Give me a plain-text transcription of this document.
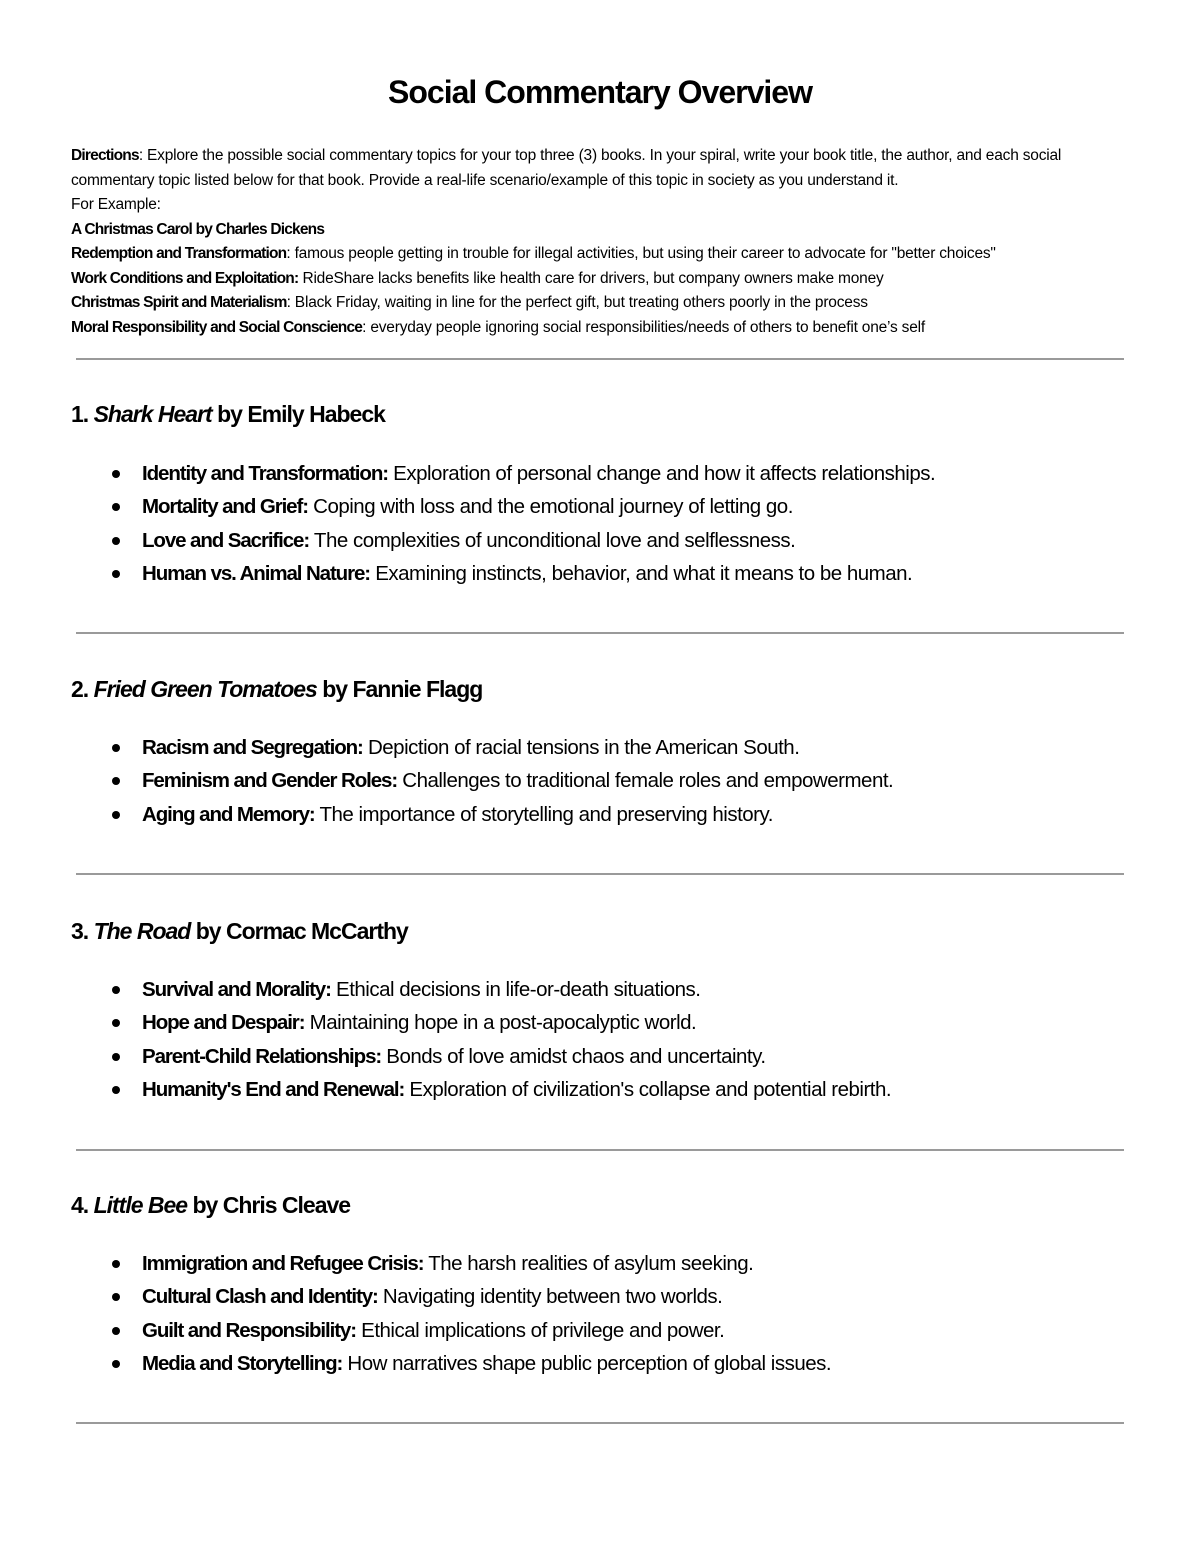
Social Commentary Overview

Directions: Explore the possible social commentary topics for your top three (3) books. In your spiral, write your book title, the author, and each social commentary topic listed below for that book. Provide a real-life scenario/example of this topic in society as you understand it.

For Example:

A Christmas Carol by Charles Dickens

Redemption and Transformation: famous people getting in trouble for illegal activities, but using their career to advocate for "better choices"

Work Conditions and Exploitation: RideShare lacks benefits like health care for drivers, but company owners make money

Christmas Spirit and Materialism: Black Friday, waiting in line for the perfect gift, but treating others poorly in the process

Moral Responsibility and Social Conscience: everyday people ignoring social responsibilities/needs of others to benefit one’s self

1. Shark Heart by Emily Habeck
Identity and Transformation: Exploration of personal change and how it affects relationships.
Mortality and Grief: Coping with loss and the emotional journey of letting go.
Love and Sacrifice: The complexities of unconditional love and selflessness.
Human vs. Animal Nature: Examining instincts, behavior, and what it means to be human.
2. Fried Green Tomatoes by Fannie Flagg
Racism and Segregation: Depiction of racial tensions in the American South.
Feminism and Gender Roles: Challenges to traditional female roles and empowerment.
Aging and Memory: The importance of storytelling and preserving history.
3. The Road by Cormac McCarthy
Survival and Morality: Ethical decisions in life-or-death situations.
Hope and Despair: Maintaining hope in a post-apocalyptic world.
Parent-Child Relationships: Bonds of love amidst chaos and uncertainty.
Humanity's End and Renewal: Exploration of civilization's collapse and potential rebirth.
4. Little Bee by Chris Cleave
Immigration and Refugee Crisis: The harsh realities of asylum seeking.
Cultural Clash and Identity: Navigating identity between two worlds.
Guilt and Responsibility: Ethical implications of privilege and power.
Media and Storytelling: How narratives shape public perception of global issues.
